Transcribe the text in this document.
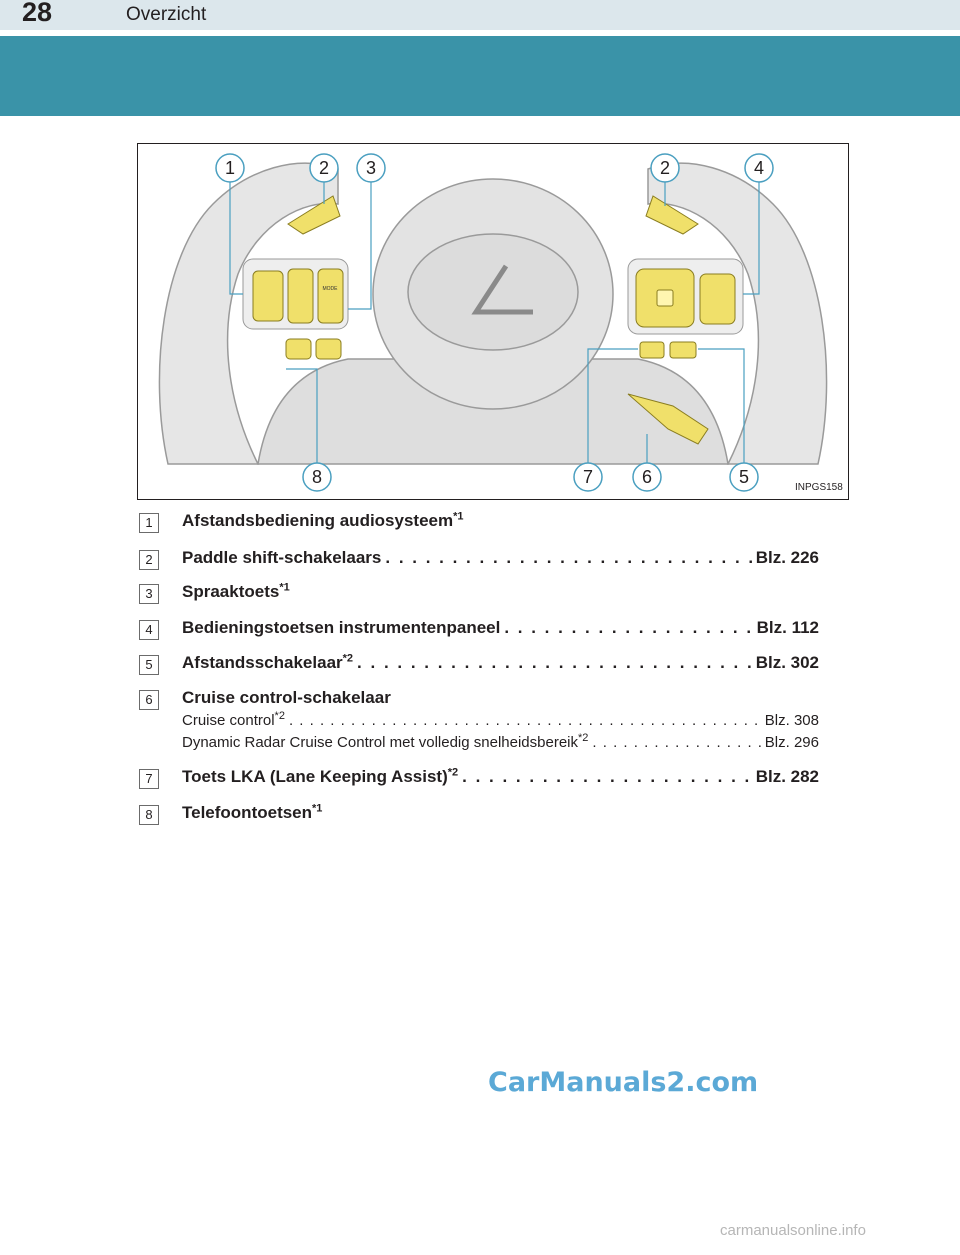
28	Overzicht
MODE
1	2 3	2	4
8	7	6	5
INPGS158
1	Afstandsbediening audiosysteem$^{*1}$
2	Paddle shift-schakelaars . . .	Blz. 226
3	Spraaktoets$^{*1}$
4	Bedieningstoetsen instrumentenpaneel . . .	Blz. 112
5	Afstandsschakelaar$^{*2}$ . . .	Blz. 302
6	Cruise control-schakelaar
Cruise control$^{*2}$ . . .	Blz. 308
Dynamic Radar Cruise Control met volledig snelheidsbereik$^{*2}$ . . .	Blz. 296
7	Toets LKA (Lane Keeping Assist)$^{*2}$ . . .	Blz. 282
8	Telefoontoetsen$^{*1}$
CarManuals2.com
carmanualsonline.info
